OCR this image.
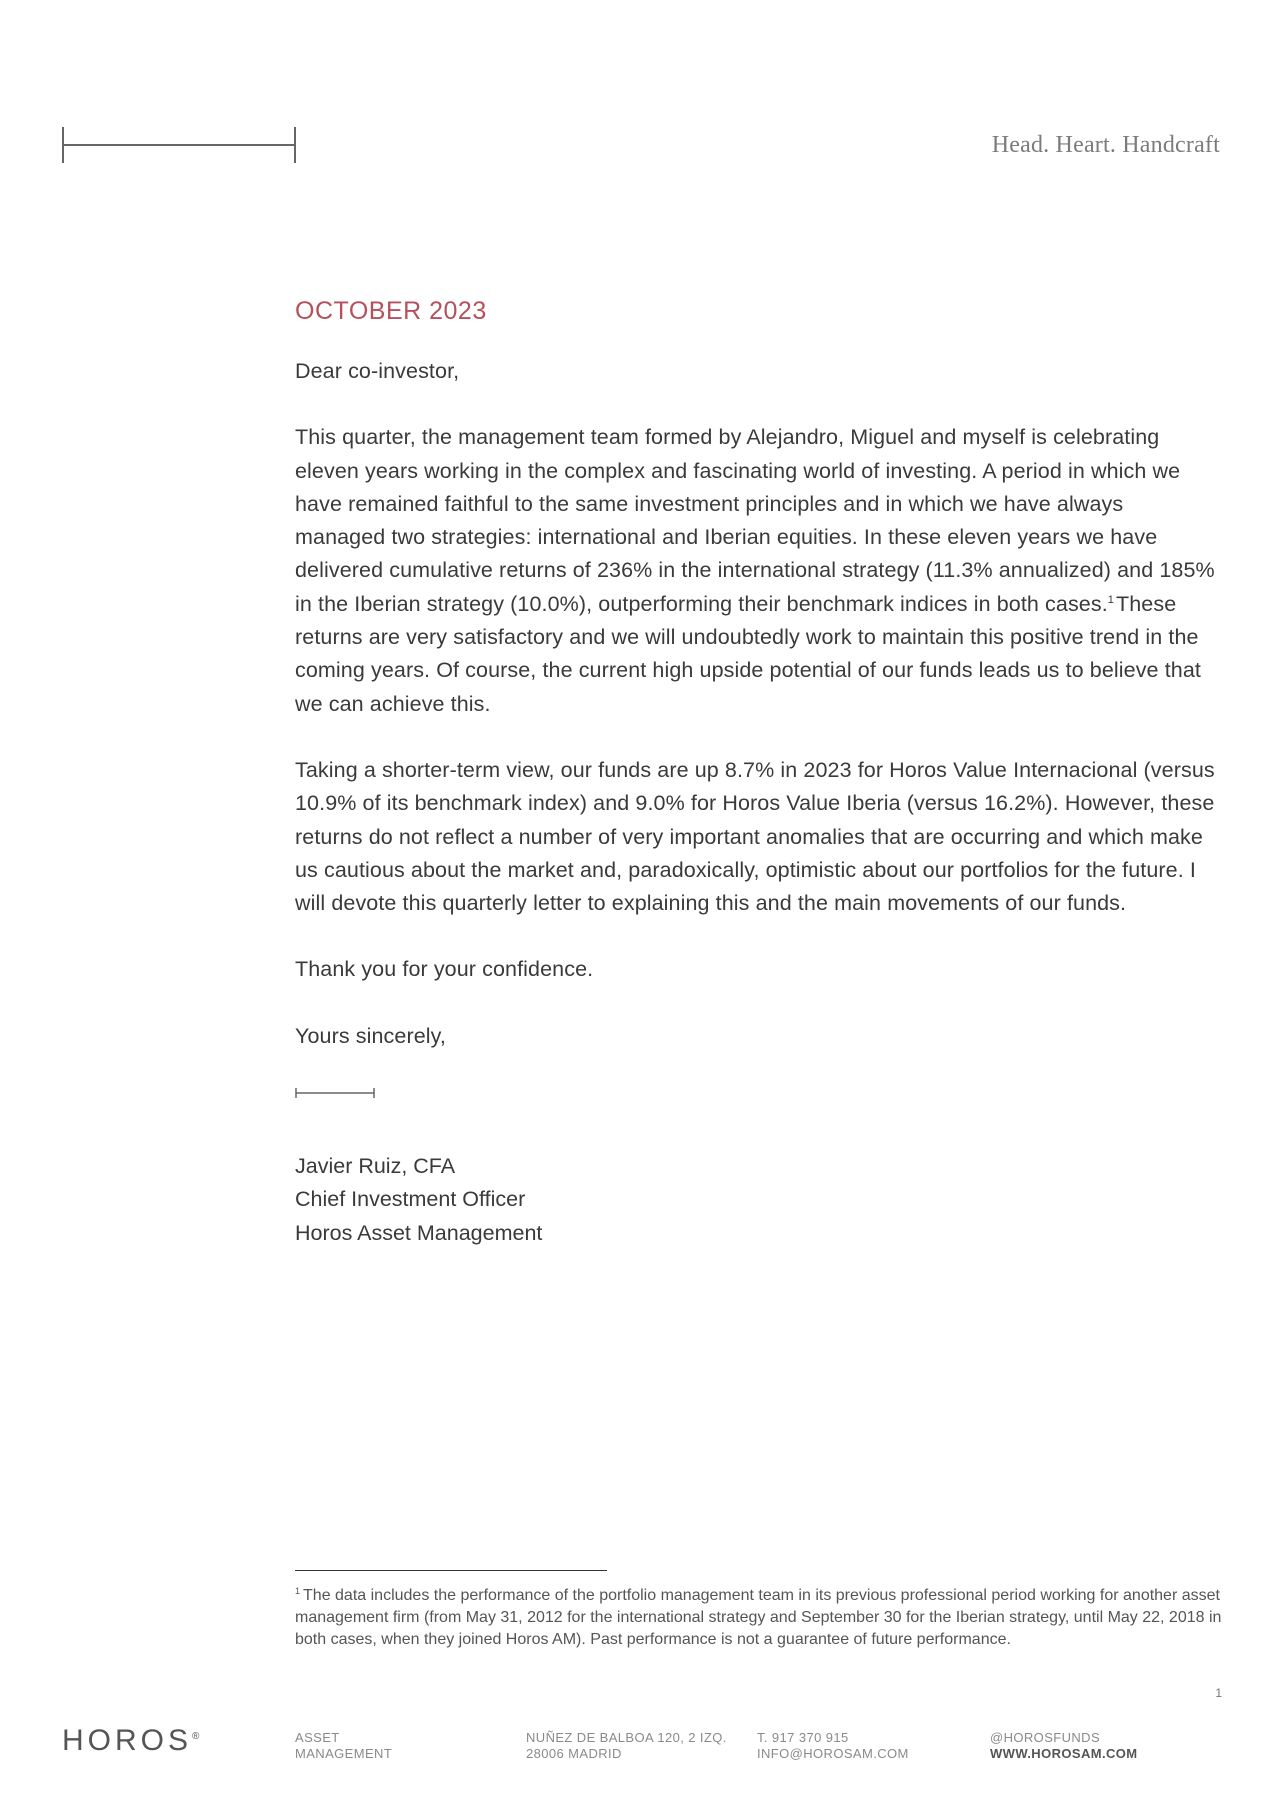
Head. Heart. Handcraft
OCTOBER 2023

Dear co-investor,

This quarter, the management team formed by Alejandro, Miguel and myself is celebrating eleven years working in the complex and fascinating world of investing. A period in which we have remained faithful to the same investment principles and in which we have always managed two strategies: international and Iberian equities. In these eleven years we have delivered cumulative returns of 236% in the international strategy (11.3% annualized) and 185% in the Iberian strategy (10.0%), outperforming their benchmark indices in both cases.$^1$These returns are very satisfactory and we will undoubtedly work to maintain this positive trend in the coming years. Of course, the current high upside potential of our funds leads us to believe that we can achieve this.

Taking a shorter-term view, our funds are up 8.7% in 2023 for Horos Value Internacional (versus 10.9% of its benchmark index) and 9.0% for Horos Value Iberia (versus 16.2%). However, these returns do not reflect a number of very important anomalies that are occurring and which make us cautious about the market and, paradoxically, optimistic about our portfolios for the future. I will devote this quarterly letter to explaining this and the main movements of our funds.

Thank you for your confidence.

Yours sincerely,

Javier Ruiz, CFA
Chief Investment Officer
Horos Asset Management
$^1$ The data includes the performance of the portfolio management team in its previous professional period working for another asset management firm (from May 31, 2012 for the international strategy and September 30 for the Iberian strategy, until May 22, 2018 in both cases, when they joined Horos AM). Past performance is not a guarantee of future performance.
1
HOROS®	ASSET
MANAGEMENT
NUÑEZ DE BALBOA 120, 2 IZQ.
28006 MADRID
T. 917 370 915
INFO@HOROSAM.COM
@HOROSFUNDS
WWW.HOROSAM.COM
